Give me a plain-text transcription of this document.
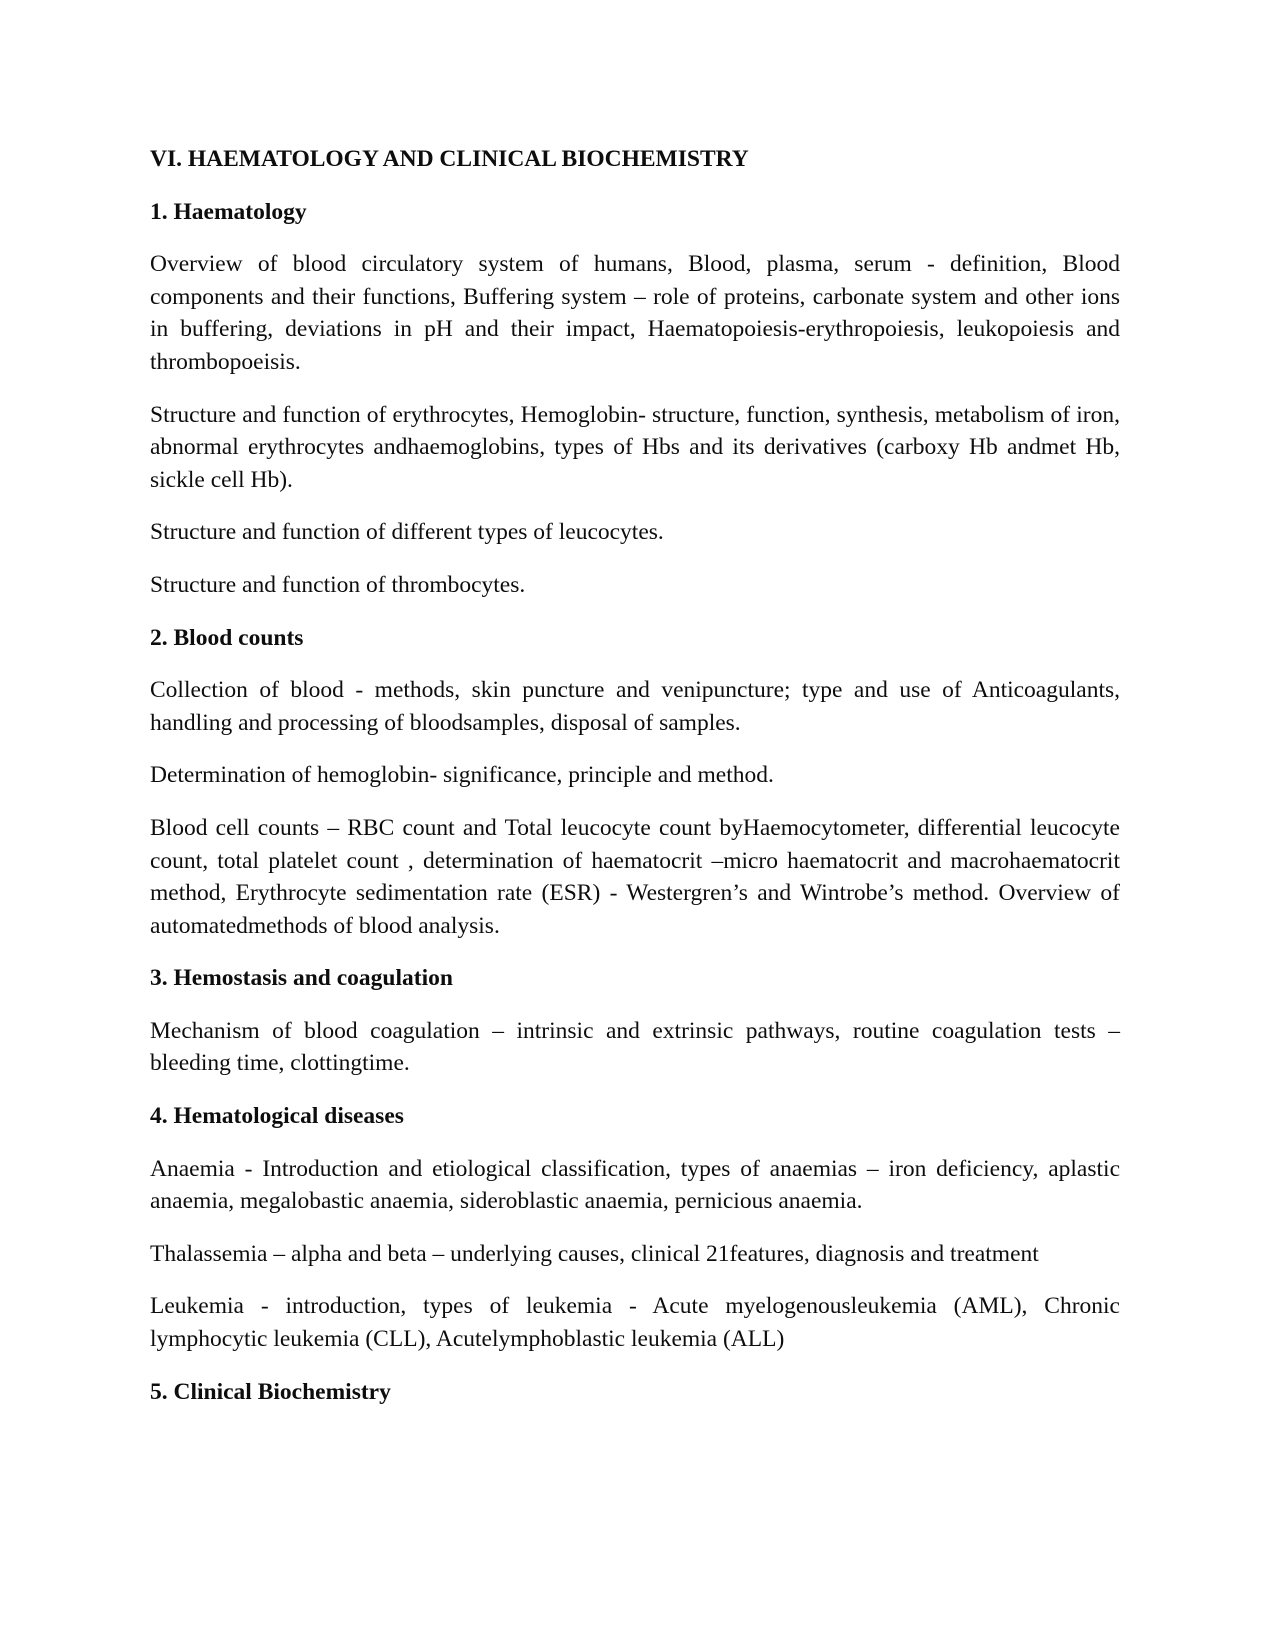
VI. HAEMATOLOGY AND CLINICAL BIOCHEMISTRY
1. Haematology

Overview of blood circulatory system of humans, Blood, plasma, serum - definition, Blood components and their functions, Buffering system – role of proteins, carbonate system and other ions in buffering, deviations in pH and their impact, Haematopoiesis-erythropoiesis, leukopoiesis and thrombopoeisis.

Structure and function of erythrocytes, Hemoglobin- structure, function, synthesis, metabolism of iron, abnormal erythrocytes andhaemoglobins, types of Hbs and its derivatives (carboxy Hb andmet Hb, sickle cell Hb).

Structure and function of different types of leucocytes.

Structure and function of thrombocytes.

2. Blood counts

Collection of blood - methods, skin puncture and venipuncture; type and use of Anticoagulants, handling and processing of bloodsamples, disposal of samples.

Determination of hemoglobin- significance, principle and method.

Blood cell counts – RBC count and Total leucocyte count byHaemocytometer, differential leucocyte count, total platelet count , determination of haematocrit –micro haematocrit and macrohaematocrit method, Erythrocyte sedimentation rate (ESR) - Westergren’s and Wintrobe’s method. Overview of automatedmethods of blood analysis.

3. Hemostasis and coagulation

Mechanism of blood coagulation – intrinsic and extrinsic pathways, routine coagulation tests – bleeding time, clottingtime.

4. Hematological diseases

Anaemia - Introduction and etiological classification, types of anaemias – iron deficiency, aplastic anaemia, megalobastic anaemia, sideroblastic anaemia, pernicious anaemia.

Thalassemia – alpha and beta – underlying causes, clinical 21features, diagnosis and treatment

Leukemia - introduction, types of leukemia - Acute myelogenousleukemia (AML), Chronic lymphocytic leukemia (CLL), Acutelymphoblastic leukemia (ALL)

5. Clinical Biochemistry
